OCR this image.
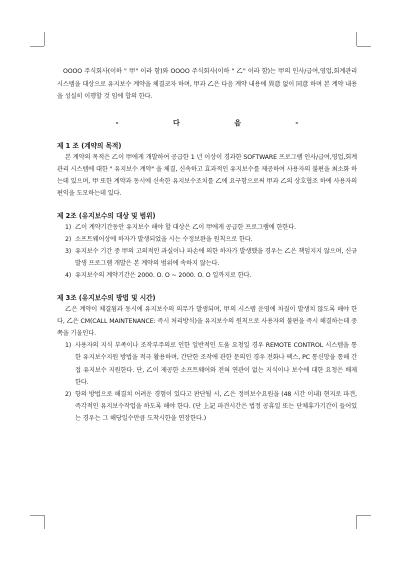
OOOO 주식회사(이하 " 甲" 이라 함)와 OOOO 주식회사(이하 " 乙" 이라 함)는 甲의 인사/급여,영업,회계관리 시스템을 대상으로 유지보수 계약을 체결코자 하며, 甲과 乙은 다음 계약 내용에 異意 없이 同意 하며 본 계약 내용을 성실히 이행할 것 임에 합의 한다.

- 다 음 -

제 1 조 (계약의 목적)

본 계약의 목적은 乙이 甲에게 개발하여 공급한 1 년 이상이 경과한 SOFTWARE 프로그램 인사/급여,영업,회계관리 시스템에 대한 " 유지보수 계약" 을 체결, 신속하고 효과적인 유지보수를 제공하여 사용자의 불편을 최소화 하는데 있으며, 甲 또한 계약과 동시에 신속한 유지보수조치를 乙에 요구함으로써 甲과 乙의 상호협조 하에 사용자의 편익을 도모하는데 있다.

제 2조 (유지보수의 대상 및 범위)

1) 乙이 계약기간동안 유지보수 해야 할 대상은 乙이 甲에게 공급한 프로그램에 한한다.
2) 소프트웨어상에 하자가 발생되었을 시는 수정보완을 원칙으로 한다.
3) 유지보수 기간 중 甲의 고의적인 과실이나 파손에 의한 하자가 발생했을 경우는 乙은 책임지지 않으며, 신규발생 프로그램 개발은 본 계약의 범위에 속하지 않는다.
4) 유지보수의 계약기간은 2000. O. O ~ 2000. O. O 일까지로 한다.

제 3조 (유지보수의 방법 및 시간)

乙은 계약이 체결됨과 동시에 유지보수의 의무가 발생되며, 甲의 시스템 운영에 차질이 발생치 않도록 해야 한다, 乙은 CM(CALL MAINTENANCE: 즉시 처리방식)을 유지보수의 원칙으로 사용자의 불편을 즉시 해결하는데 중쪽을 기울인다.

1) 사용자의 지식 부족이나 조작부주의로 인한 일반적인 도움 요청일 경우 REMOTE CONTROL 시스템을 통한 유지보수지원 방법을 적극 활용하며, 간단한 조작에 관한 문의인 경우 전화나 팩스, PC 통신망을 통해 간접 유지보수 지원한다. 단, 乙이 제공한 소프트웨어와 전혀 연관이 없는 지식이나 보수에 대한 요청은 배제한다.
2) 항의 방법으로 해결치 어려운 경험이 있다고 판단될 시, 乙은 정비보수요원을 (48 시간 이내) 현지로 파견, 즉각적인 유지보수작업을 하도록 해야 한다. (단 上記 파견시간은 법정 공휴일 또는 단체휴가기간이 들어있는 경우는 그 해당일수만큼 도착시한을 연장한다.)
